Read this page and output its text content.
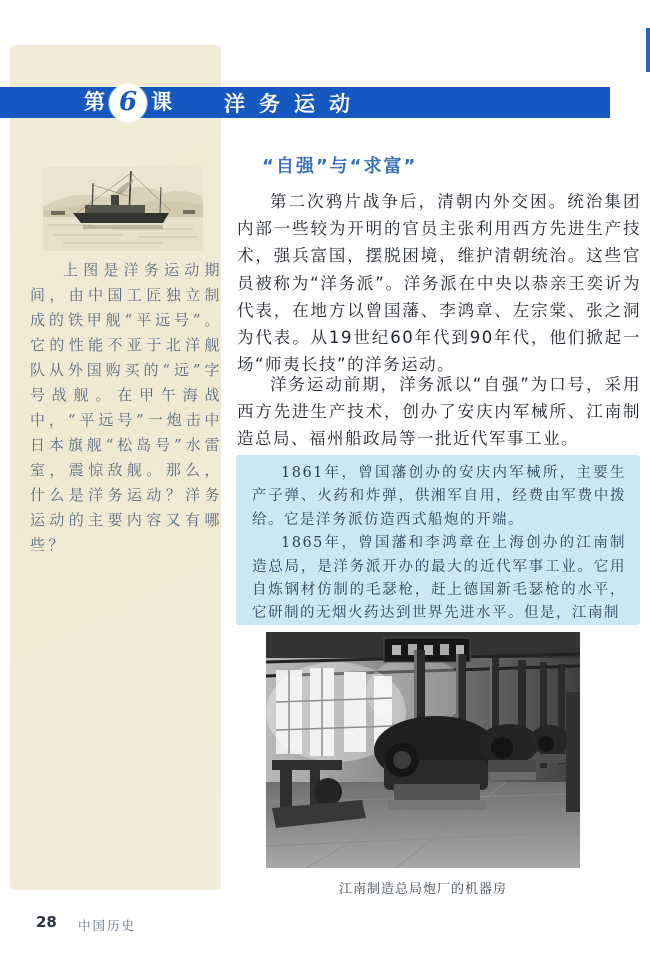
第 6 课 洋务运动

上图是洋务运动期间，由中国工匠独立制成的铁甲舰“平远号”。它的性能不亚于北洋舰队从外国购买的“远”字号战舰。在甲午海战中，“平远号”一炮击中日本旗舰“松岛号”水雷室，震惊敌舰。那么，什么是洋务运动？洋务运动的主要内容又有哪些？

“自强”与“求富”

第二次鸦片战争后，清朝内外交困。统治集团内部一些较为开明的官员主张利用西方先进生产技术，强兵富国，摆脱困境，维护清朝统治。这些官员被称为“洋务派”。洋务派在中央以恭亲王奕䜣为代表，在地方以曾国藩、李鸿章、左宗棠、张之洞为代表。从19世纪60年代到90年代，他们掀起一场“师夷长技”的洋务运动。

洋务运动前期，洋务派以“自强”为口号，采用西方先进生产技术，创办了安庆内军械所、江南制造总局、福州船政局等一批近代军事工业。

1861年，曾国藩创办的安庆内军械所，主要生产子弹、火药和炸弹，供湘军自用，经费由军费中拨给。它是洋务派仿造西式船炮的开端。

1865年，曾国藩和李鸿章在上海创办的江南制造总局，是洋务派开办的最大的近代军事工业。它用自炼钢材仿制的毛瑟枪，赶上德国新毛瑟枪的水平，它研制的无烟火药达到世界先进水平。但是，江南制

江南制造总局炮厂的机器房

28 中国历史
